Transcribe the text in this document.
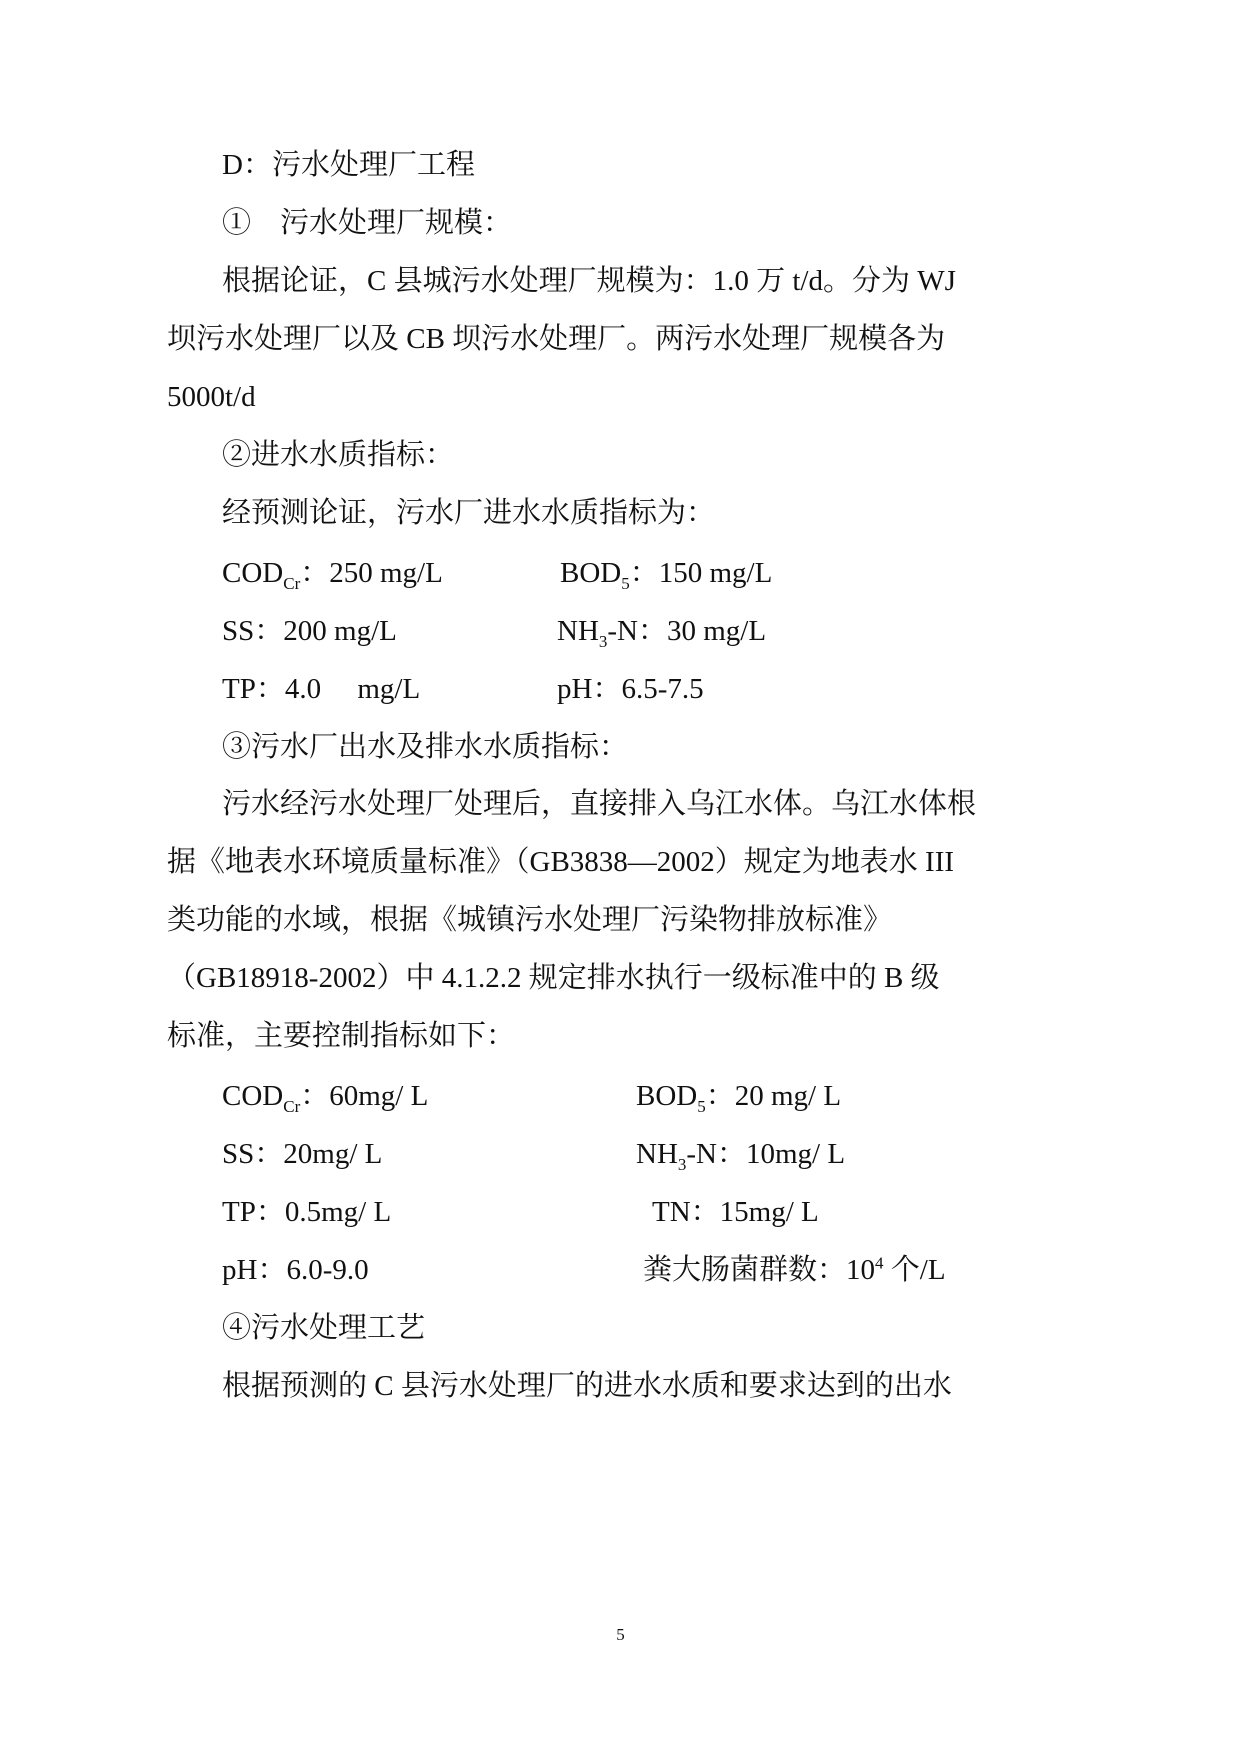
D：污水处理厂工程
①　污水处理厂规模：
根据论证，C 县城污水处理厂规模为：1.0 万 t/d。分为 WJ
坝污水处理厂以及 CB 坝污水处理厂。两污水处理厂规模各为
5000t/d
②进水水质指标：
经预测论证，污水厂进水水质指标为：
$COD_{Cr}$：250 mg/L	$BOD_5$：150 mg/L
SS：200 mg/L	$NH_3-N$：30 mg/L
TP：4.0　 mg/L	pH：6.5-7.5
③污水厂出水及排水水质指标：
污水经污水处理厂处理后，直接排入乌江水体。乌江水体根
据《地表水环境质量标准》（GB3838—2002）规定为地表水 III
类功能的水域，根据《城镇污水处理厂污染物排放标准》
（GB18918-2002）中 4.1.2.2 规定排水执行一级标准中的 B 级
标准，主要控制指标如下：
$COD_{Cr}$：60mg/ L	$BOD_5$：20 mg/ L
SS：20mg/ L	$NH_3-N$：10mg/ L
TP：0.5mg/ L	TN：15mg/ L
pH：6.0-9.0	粪大肠菌群数：$10^4$ 个/L
④污水处理工艺
根据预测的 C 县污水处理厂的进水水质和要求达到的出水
5
